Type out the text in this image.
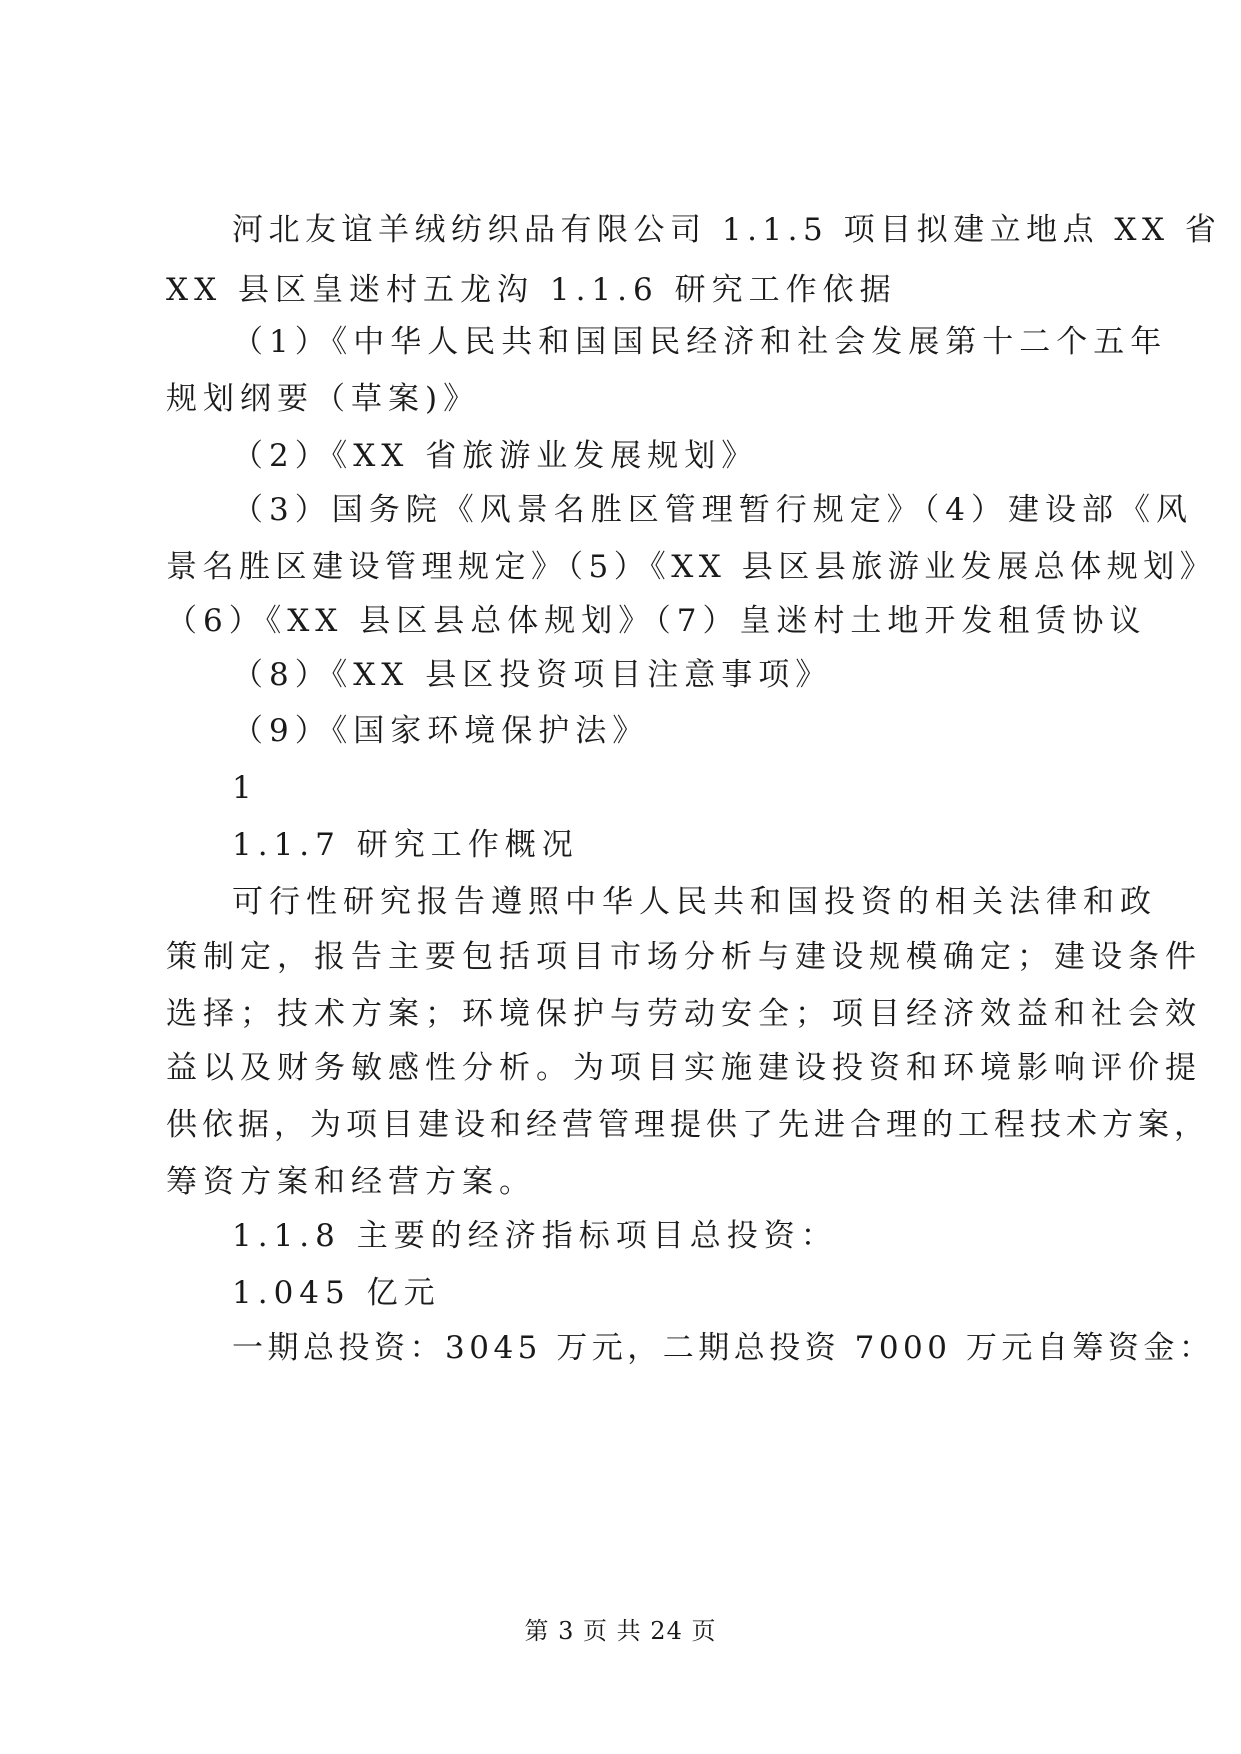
河北友谊羊绒纺织品有限公司 1.1.5 项目拟建立地点 XX 省
XX 县区皇迷村五龙沟 1.1.6 研究工作依据
（1）《中华人民共和国国民经济和社会发展第十二个五年
规划纲要（草案)》
（2）《XX 省旅游业发展规划》
（3）国务院《风景名胜区管理暂行规定》（4）建设部《风
景名胜区建设管理规定》（5）《XX 县区县旅游业发展总体规划》
（6）《XX 县区县总体规划》（7）皇迷村土地开发租赁协议
（8）《XX 县区投资项目注意事项》
（9）《国家环境保护法》
1
1.1.7 研究工作概况
可行性研究报告遵照中华人民共和国投资的相关法律和政
策制定，报告主要包括项目市场分析与建设规模确定；建设条件
选择；技术方案；环境保护与劳动安全；项目经济效益和社会效
益以及财务敏感性分析。为项目实施建设投资和环境影响评价提
供依据，为项目建设和经营管理提供了先进合理的工程技术方案，
筹资方案和经营方案。
1.1.8 主要的经济指标项目总投资：
1.045 亿元
一期总投资：3045 万元，二期总投资 7000 万元自筹资金：
第 3 页 共 24 页
